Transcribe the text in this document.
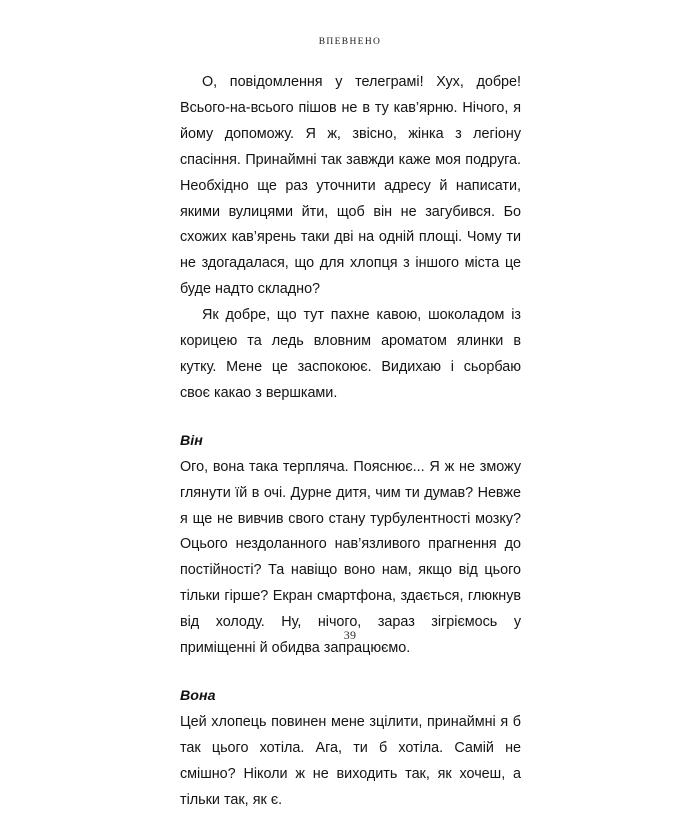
ВПЕВНЕНО

О, повідомлення у телеграмі! Хух, добре! Всього-на-всього пішов не в ту кав’ярню. Нічого, я йому допоможу. Я ж, звісно, жінка з легіону спасіння. Принаймні так завжди каже моя подруга. Необхідно ще раз уточнити адресу й написати, якими вулицями йти, щоб він не загубився. Бо схожих кав’ярень таки дві на одній площі. Чому ти не здогадалася, що для хлопця з іншого міста це буде надто складно?

Як добре, що тут пахне кавою, шоколадом із корицею та ледь вловним ароматом ялинки в кутку. Мене це заспокоює. Видихаю і сьорбаю своє какао з вершками.

Він

Ого, вона така терпляча. Пояснює... Я ж не зможу глянути їй в очі. Дурне дитя, чим ти думав? Невже я ще не вивчив свого стану турбулентності мозку? Оцього нездоланного нав’язливого прагнення до постійності? Та навіщо воно нам, якщо від цього тільки гірше? Екран смартфона, здається, глюкнув від холоду. Ну, нічого, зараз зігріємось у приміщенні й обидва запрацюємо.

Вона

Цей хлопець повинен мене зцілити, принаймні я б так цього хотіла. Ага, ти б хотіла. Самій не смішно? Ніколи ж не виходить так, як хочеш, а тільки так, як є.

39
